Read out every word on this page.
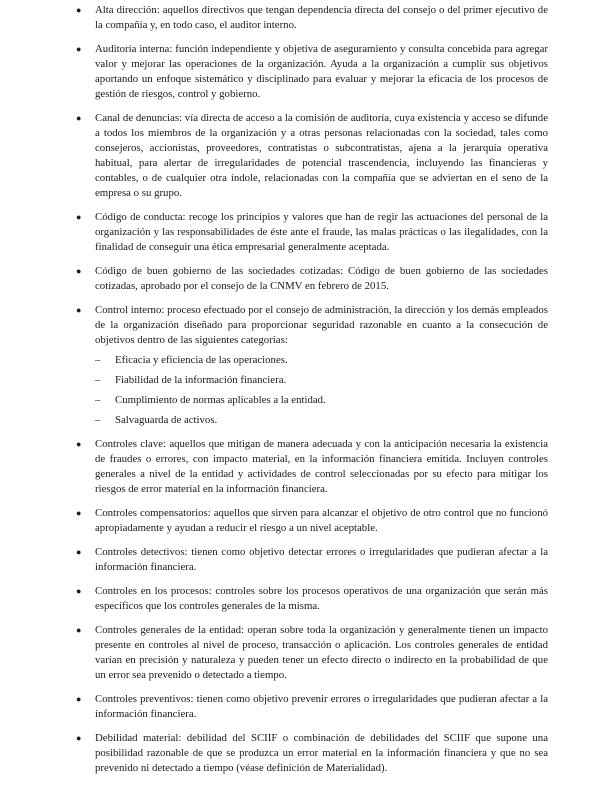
● Alta dirección: aquellos directivos que tengan dependencia directa del consejo o del primer ejecutivo de la compañía y, en todo caso, el auditor interno.
● Auditoría interna: función independiente y objetiva de aseguramiento y consulta concebida para agregar valor y mejorar las operaciones de la organización. Ayuda a la organización a cumplir sus objetivos aportando un enfoque sistemático y disciplinado para evaluar y mejorar la eficacia de los procesos de gestión de riesgos, control y gobierno.
● Canal de denuncias: vía directa de acceso a la comisión de auditoría, cuya existencia y acceso se difunde a todos los miembros de la organización y a otras personas relacionadas con la sociedad, tales como consejeros, accionistas, proveedores, contratistas o subcontratistas, ajena a la jerarquía operativa habitual, para alertar de irregularidades de potencial trascendencia, incluyendo las financieras y contables, o de cualquier otra índole, relacionadas con la compañía que se adviertan en el seno de la empresa o su grupo.
● Código de conducta: recoge los principios y valores que han de regir las actuaciones del personal de la organización y las responsabilidades de éste ante el fraude, las malas prácticas o las ilegalidades, con la finalidad de conseguir una ética empresarial generalmente aceptada.
● Código de buen gobierno de las sociedades cotizadas: Código de buen gobierno de las sociedades cotizadas, aprobado por el consejo de la CNMV en febrero de 2015.
● Control interno: proceso efectuado por el consejo de administración, la dirección y los demás empleados de la organización diseñado para proporcionar seguridad razonable en cuanto a la consecución de objetivos dentro de las siguientes categorías:
– Eficacia y eficiencia de las operaciones.
– Fiabilidad de la información financiera.
– Cumplimiento de normas aplicables a la entidad.
– Salvaguarda de activos.
● Controles clave: aquellos que mitigan de manera adecuada y con la anticipación necesaria la existencia de fraudes o errores, con impacto material, en la información financiera emitida. Incluyen controles generales a nivel de la entidad y actividades de control seleccionadas por su efecto para mitigar los riesgos de error material en la información financiera.
● Controles compensatorios: aquellos que sirven para alcanzar el objetivo de otro control que no funcionó apropiadamente y ayudan a reducir el riesgo a un nivel aceptable.
● Controles detectivos: tienen como objetivo detectar errores o irregularidades que pudieran afectar a la información financiera.
● Controles en los procesos: controles sobre los procesos operativos de una organización que serán más específicos que los controles generales de la misma.
● Controles generales de la entidad: operan sobre toda la organización y generalmente tienen un impacto presente en controles al nivel de proceso, transacción o aplicación. Los controles generales de entidad varían en precisión y naturaleza y pueden tener un efecto directo o indirecto en la probabilidad de que un error sea prevenido o detectado a tiempo.
● Controles preventivos: tienen como objetivo prevenir errores o irregularidades que pudieran afectar a la información financiera.
● Debilidad material: debilidad del SCIIF o combinación de debilidades del SCIIF que supone una posibilidad razonable de que se produzca un error material en la información financiera y que no sea prevenido ni detectado a tiempo (véase definición de Materialidad).
